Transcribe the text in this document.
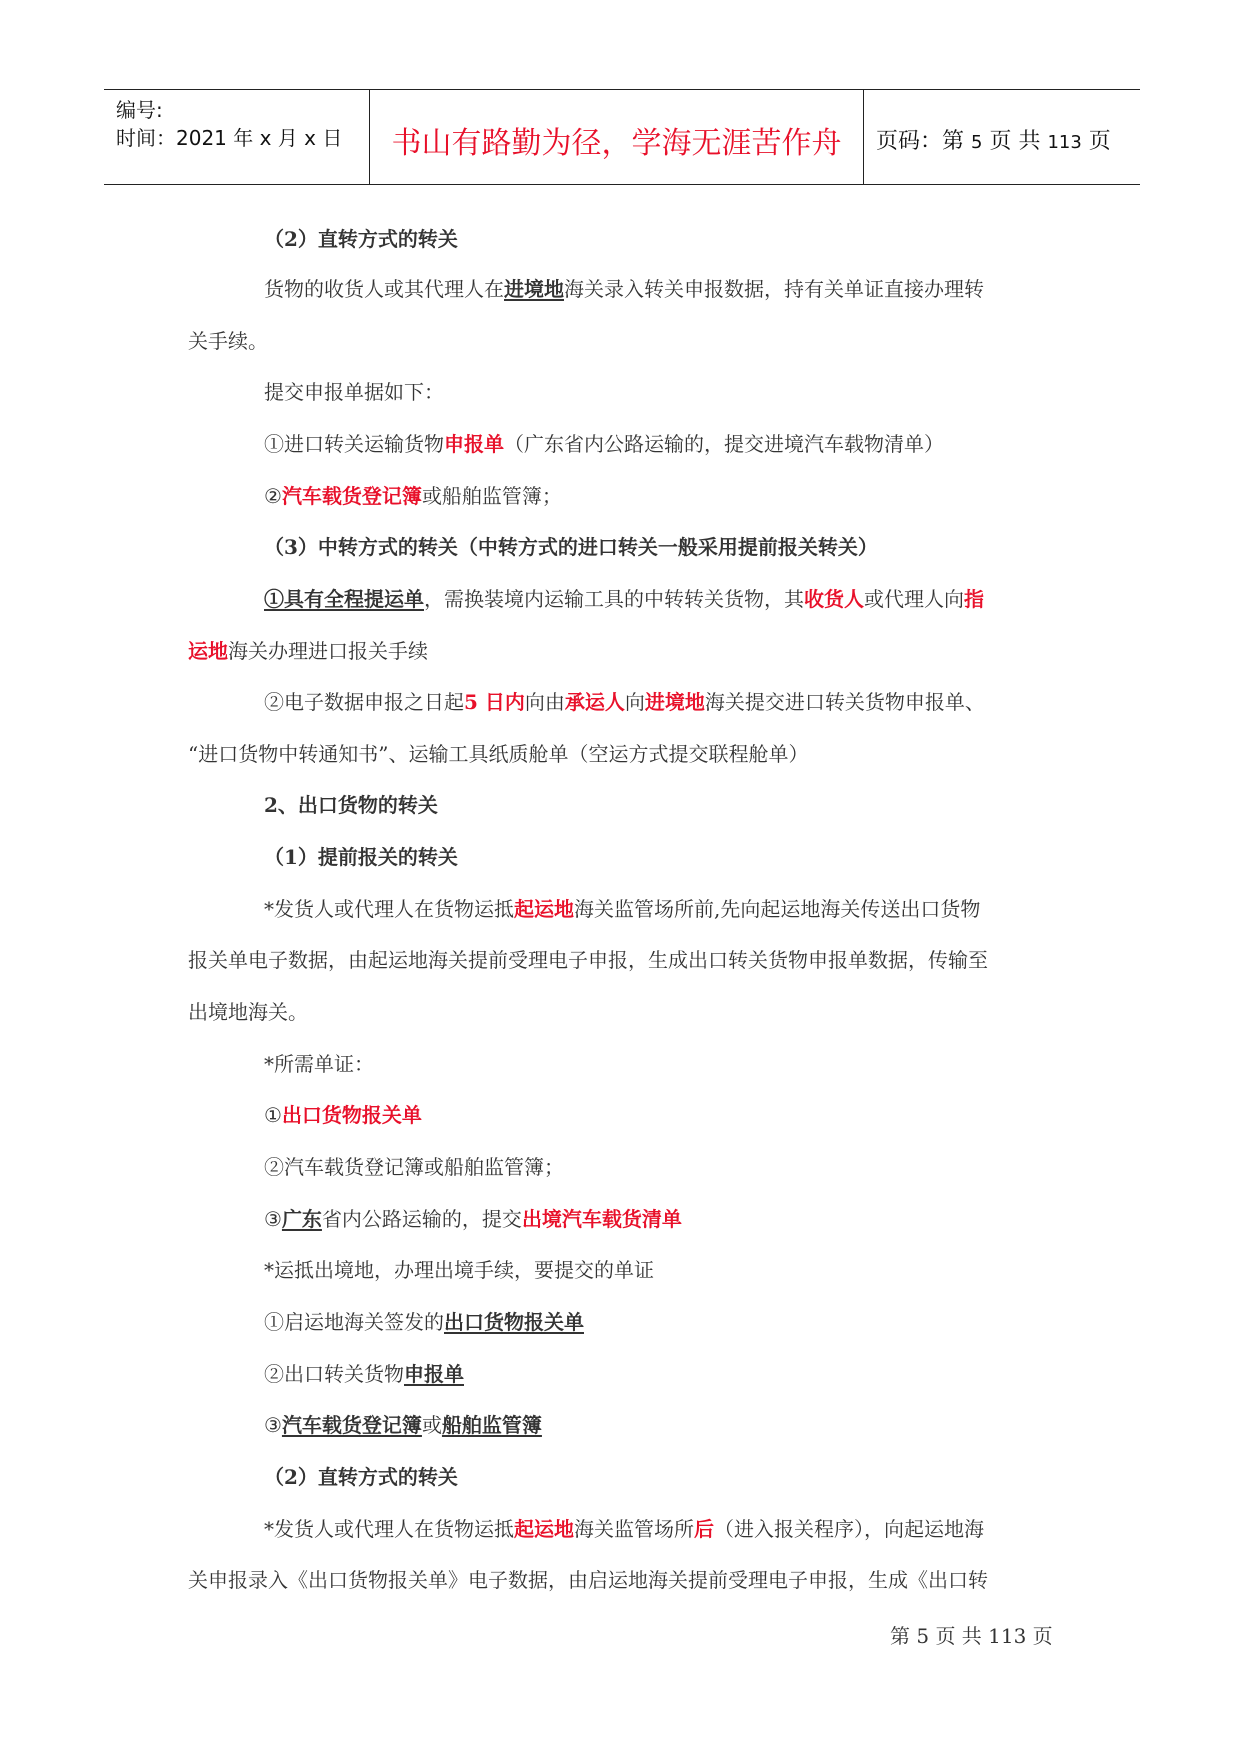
编号:
时间：2021 年 x 月 x 日	书山有路勤为径，学海无涯苦作舟	页码：第 5 页 共 113 页
（2）直转方式的转关
货物的收货人或其代理人在进境地海关录入转关申报数据，持有关单证直接办理转
关手续。
提交申报单据如下：
①进口转关运输货物申报单（广东省内公路运输的，提交进境汽车载物清单）
②汽车载货登记簿或船舶监管簿；
（3）中转方式的转关（中转方式的进口转关一般采用提前报关转关）
①具有全程提运单，需换装境内运输工具的中转转关货物，其收货人或代理人向指
运地海关办理进口报关手续
②电子数据申报之日起5 日内向由承运人向进境地海关提交进口转关货物申报单、
“进口货物中转通知书”、运输工具纸质舱单（空运方式提交联程舱单）
2、出口货物的转关
（1）提前报关的转关
*发货人或代理人在货物运抵起运地海关监管场所前,先向起运地海关传送出口货物
报关单电子数据，由起运地海关提前受理电子申报，生成出口转关货物申报单数据，传输至
出境地海关。
*所需单证：
①出口货物报关单
②汽车载货登记簿或船舶监管簿；
③广东省内公路运输的，提交出境汽车载货清单
*运抵出境地，办理出境手续，要提交的单证
①启运地海关签发的出口货物报关单
②出口转关货物申报单
③汽车载货登记簿或船舶监管簿
（2）直转方式的转关
*发货人或代理人在货物运抵起运地海关监管场所后（进入报关程序），向起运地海
关申报录入《出口货物报关单》电子数据，由启运地海关提前受理电子申报，生成《出口转
第 5 页 共 113 页
